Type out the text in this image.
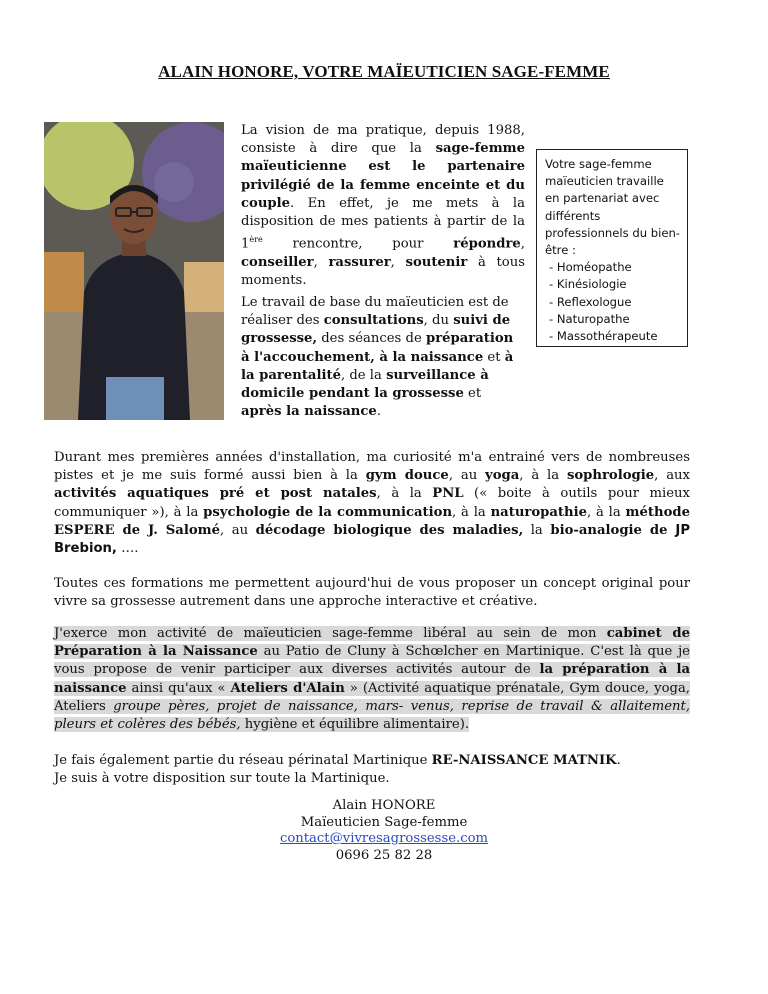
ALAIN HONORE, VOTRE MAÏEUTICIEN SAGE-FEMME
La vision de ma pratique, depuis 1988, consiste à dire que la sage-femme maïeuticienne est le partenaire privilégié de la femme enceinte et du couple. En effet, je me mets à la disposition de mes patients à partir de la 1ère rencontre, pour répondre, conseiller, rassurer, soutenir à tous moments.
Le travail de base du maïeuticien est de réaliser des consultations, du suivi de grossesse, des séances de préparation à l'accouchement, à la naissance et à la parentalité, de la surveillance à domicile pendant la grossesse et après la naissance.
Votre sage-femme maïeuticien travaille en partenariat avec différents professionnels du bien-être :
- Homéopathe
- Kinésiologie
- Reflexologue
- Naturopathe
- Massothérapeute
Durant mes premières années d'installation, ma curiosité m'a entrainé vers de nombreuses pistes et je me suis formé aussi bien à la gym douce, au yoga, à la sophrologie, aux activités aquatiques pré et post natales, à la PNL (« boite à outils pour mieux communiquer »), à la psychologie de la communication, à la naturopathie, à la méthode ESPERE de J. Salomé, au décodage biologique des maladies, la bio-analogie de JP Brebion, ….
Toutes ces formations me permettent aujourd'hui de vous proposer un concept original pour vivre sa grossesse autrement dans une approche interactive et créative.
J'exerce mon activité de maïeuticien sage-femme libéral au sein de mon cabinet de Préparation à la Naissance au Patio de Cluny à Schœlcher en Martinique. C'est là que je vous propose de venir participer aux diverses activités autour de la préparation à la naissance ainsi qu'aux « Ateliers d'Alain » (Activité aquatique prénatale, Gym douce, yoga, Ateliers groupe pères, projet de naissance, mars- venus, reprise de travail & allaitement, pleurs et colères des bébés, hygiène et équilibre alimentaire).
Je fais également partie du réseau périnatal Martinique RE-NAISSANCE MATNIK.
Je suis à votre disposition sur toute la Martinique.
Alain HONORE
Maïeuticien Sage-femme
contact@vivresagrossesse.com
0696 25 82 28
